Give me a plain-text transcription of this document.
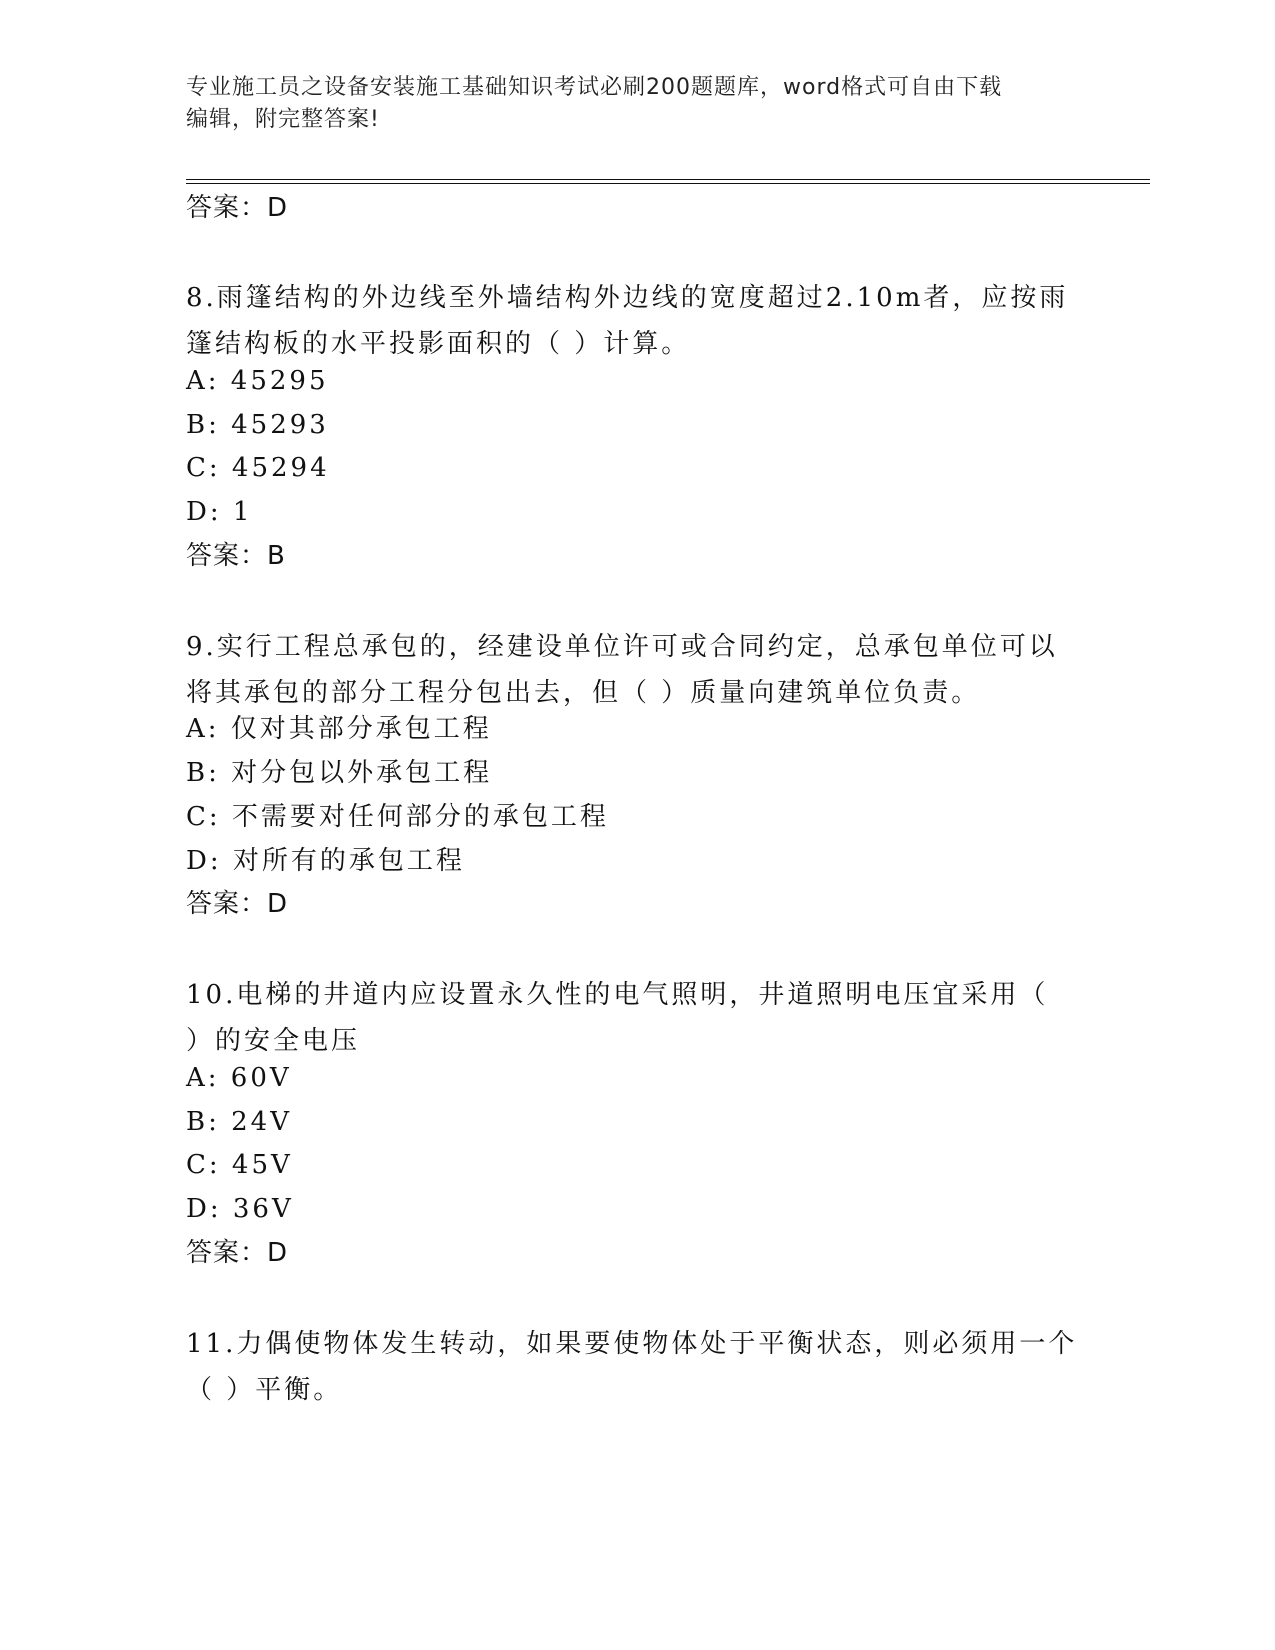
专业施工员之设备安装施工基础知识考试必刷200题题库，word格式可自由下载
编辑，附完整答案!
答案：D
8.雨篷结构的外边线至外墙结构外边线的宽度超过2.10m者，应按雨
篷结构板的水平投影面积的（ ）计算。
A: 45295
B: 45293
C: 45294
D: 1
答案：B
9.实行工程总承包的，经建设单位许可或合同约定，总承包单位可以
将其承包的部分工程分包出去，但（ ）质量向建筑单位负责。
A: 仅对其部分承包工程
B: 对分包以外承包工程
C: 不需要对任何部分的承包工程
D: 对所有的承包工程
答案：D
10.电梯的井道内应设置永久性的电气照明，井道照明电压宜采用（
）的安全电压
A: 60V
B: 24V
C: 45V
D: 36V
答案：D
11.力偶使物体发生转动，如果要使物体处于平衡状态，则必须用一个
（ ）平衡。
